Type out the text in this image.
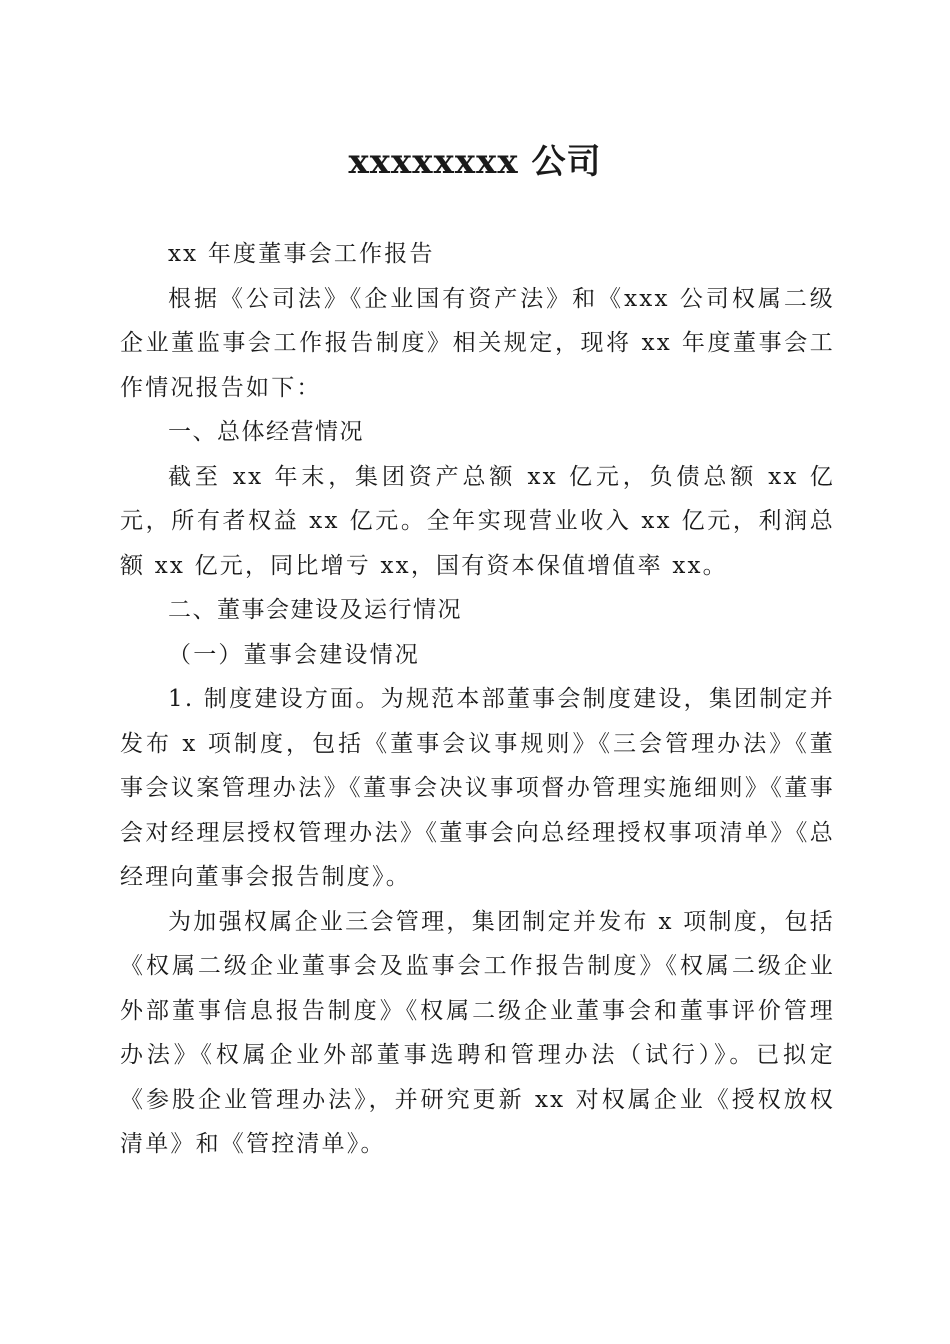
xxxxxxxx 公司

xx 年度董事会工作报告

根据《公司法》《企业国有资产法》和《xxx 公司权属二级企业董监事会工作报告制度》相关规定，现将 xx 年度董事会工作情况报告如下：

一、总体经营情况

截至 xx 年末，集团资产总额 xx 亿元，负债总额 xx 亿元，所有者权益 xx 亿元。全年实现营业收入 xx 亿元，利润总额 xx 亿元，同比增亏 xx，国有资本保值增值率 xx。

二、董事会建设及运行情况

（一）董事会建设情况

1. 制度建设方面。为规范本部董事会制度建设，集团制定并发布 x 项制度，包括《董事会议事规则》《三会管理办法》《董事会议案管理办法》《董事会决议事项督办管理实施细则》《董事会对经理层授权管理办法》《董事会向总经理授权事项清单》《总经理向董事会报告制度》。

为加强权属企业三会管理，集团制定并发布 x 项制度，包括《权属二级企业董事会及监事会工作报告制度》《权属二级企业外部董事信息报告制度》《权属二级企业董事会和董事评价管理办法》《权属企业外部董事选聘和管理办法（试行）》。已拟定《参股企业管理办法》，并研究更新 xx 对权属企业《授权放权清单》和《管控清单》。
